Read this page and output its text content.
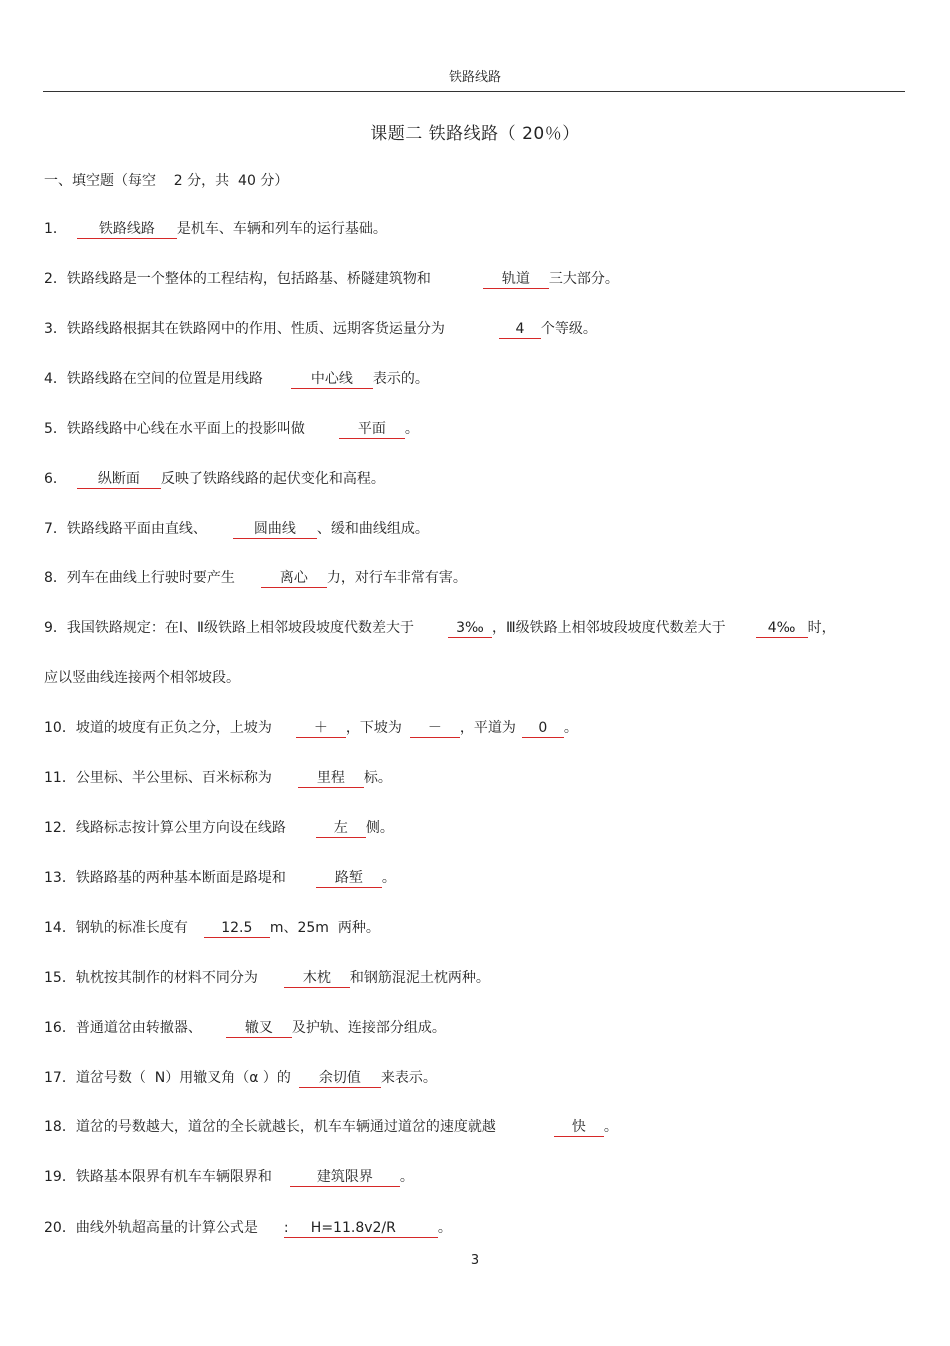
铁路线路
课题二 铁路线路（ 20％）
一、填空题（每空    2 分，共  40 分）
1． 铁路线路 是机车、车辆和列车的运行基础。
2．铁路线路是一个整体的工程结构，包括路基、桥隧建筑物和	轨道 三大部分。
3．铁路线路根据其在铁路网中的作用、性质、远期客货运量分为	4 个等级。
4．铁路线路在空间的位置是用线路	中心线 表示的。
5．铁路线路中心线在水平面上的投影叫做	平面 。
6． 纵断面 反映了铁路线路的起伏变化和高程。
7．铁路线路平面由直线、	圆曲线 、缓和曲线组成。
8．列车在曲线上行驶时要产生	离心 力，对行车非常有害。
9．我国铁路规定：在Ⅰ、Ⅱ级铁路上相邻坡段坡度代数差大于	3‰ ，Ⅲ级铁路上相邻坡段坡度代数差大于	4‰ 时，
应以竖曲线连接两个相邻坡段。
10．坡道的坡度有正负之分，上坡为	＋ ，下坡为 － ，平道为 0 。
11．公里标、半公里标、百米标称为	里程 标。
12．线路标志按计算公里方向设在线路	左 侧。
13．铁路路基的两种基本断面是路堤和	路堑 。
14．钢轨的标准长度有 12.5 m、25m  两种。
15．轨枕按其制作的材料不同分为	木枕 和钢筋混泥土枕两种。
16．普通道岔由转撤器、	辙叉 及护轨、连接部分组成。
17．道岔号数（  N）用辙叉角（α ）的 余切值 来表示。
18．道岔的号数越大，道岔的全长就越长，机车车辆通过道岔的速度就越	快 。
19．铁路基本限界有机车车辆限界和	建筑限界 。
20．曲线外轨超高量的计算公式是 :     H=11.8v2/R	。
3
